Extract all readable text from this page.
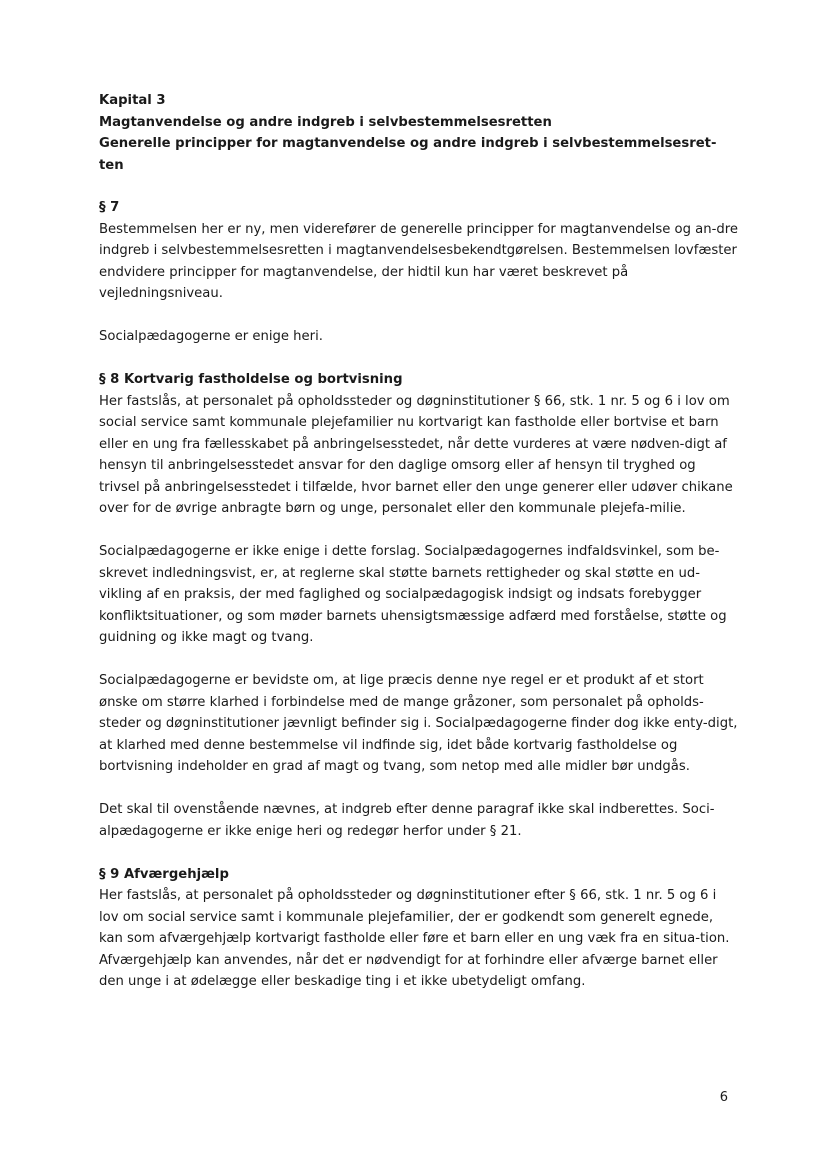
Kapital 3

Magtanvendelse og andre indgreb i selvbestemmelsesretten

Generelle principper for magtanvendelse og andre indgreb i selvbestemmelsesret-ten

§ 7

Bestemmelsen her er ny, men viderefører de generelle principper for magtanvendelse og an-dre indgreb i selvbestemmelsesretten i magtanvendelsesbekendtgørelsen. Bestemmelsen lovfæster endvidere principper for magtanvendelse, der hidtil kun har været beskrevet på vejledningsniveau.

Socialpædagogerne er enige heri.

§ 8 Kortvarig fastholdelse og bortvisning

Her fastslås, at personalet på opholdssteder og døgninstitutioner § 66, stk. 1 nr. 5 og 6 i lov om social service samt kommunale plejefamilier nu kortvarigt kan fastholde eller bortvise et barn eller en ung fra fællesskabet på anbringelsesstedet, når dette vurderes at være nødven-digt af hensyn til anbringelsesstedet ansvar for den daglige omsorg eller af hensyn til tryghed og trivsel på anbringelsesstedet i tilfælde, hvor barnet eller den unge generer eller udøver chikane over for de øvrige anbragte børn og unge, personalet eller den kommunale plejefa-milie.

Socialpædagogerne er ikke enige i dette forslag. Socialpædagogernes indfaldsvinkel, som be-skrevet indledningsvist, er, at reglerne skal støtte barnets rettigheder og skal støtte en ud-vikling af en praksis, der med faglighed og socialpædagogisk indsigt og indsats forebygger konfliktsituationer, og som møder barnets uhensigtsmæssige adfærd med forståelse, støtte og guidning og ikke magt og tvang.

Socialpædagogerne er bevidste om, at lige præcis denne nye regel er et produkt af et stort ønske om større klarhed i forbindelse med de mange gråzoner, som personalet på opholds-steder og døgninstitutioner jævnligt befinder sig i. Socialpædagogerne finder dog ikke enty-digt, at klarhed med denne bestemmelse vil indfinde sig, idet både kortvarig fastholdelse og bortvisning indeholder en grad af magt og tvang, som netop med alle midler bør undgås.

Det skal til ovenstående nævnes, at indgreb efter denne paragraf ikke skal indberettes. Soci-alpædagogerne er ikke enige heri og redegør herfor under § 21.

§ 9 Afværgehjælp

Her fastslås, at personalet på opholdssteder og døgninstitutioner efter § 66, stk. 1 nr. 5 og 6 i lov om social service samt i kommunale plejefamilier, der er godkendt som generelt egnede, kan som afværgehjælp kortvarigt fastholde eller føre et barn eller en ung væk fra en situa-tion. Afværgehjælp kan anvendes, når det er nødvendigt for at forhindre eller afværge barnet eller den unge i at ødelægge eller beskadige ting i et ikke ubetydeligt omfang.

6
